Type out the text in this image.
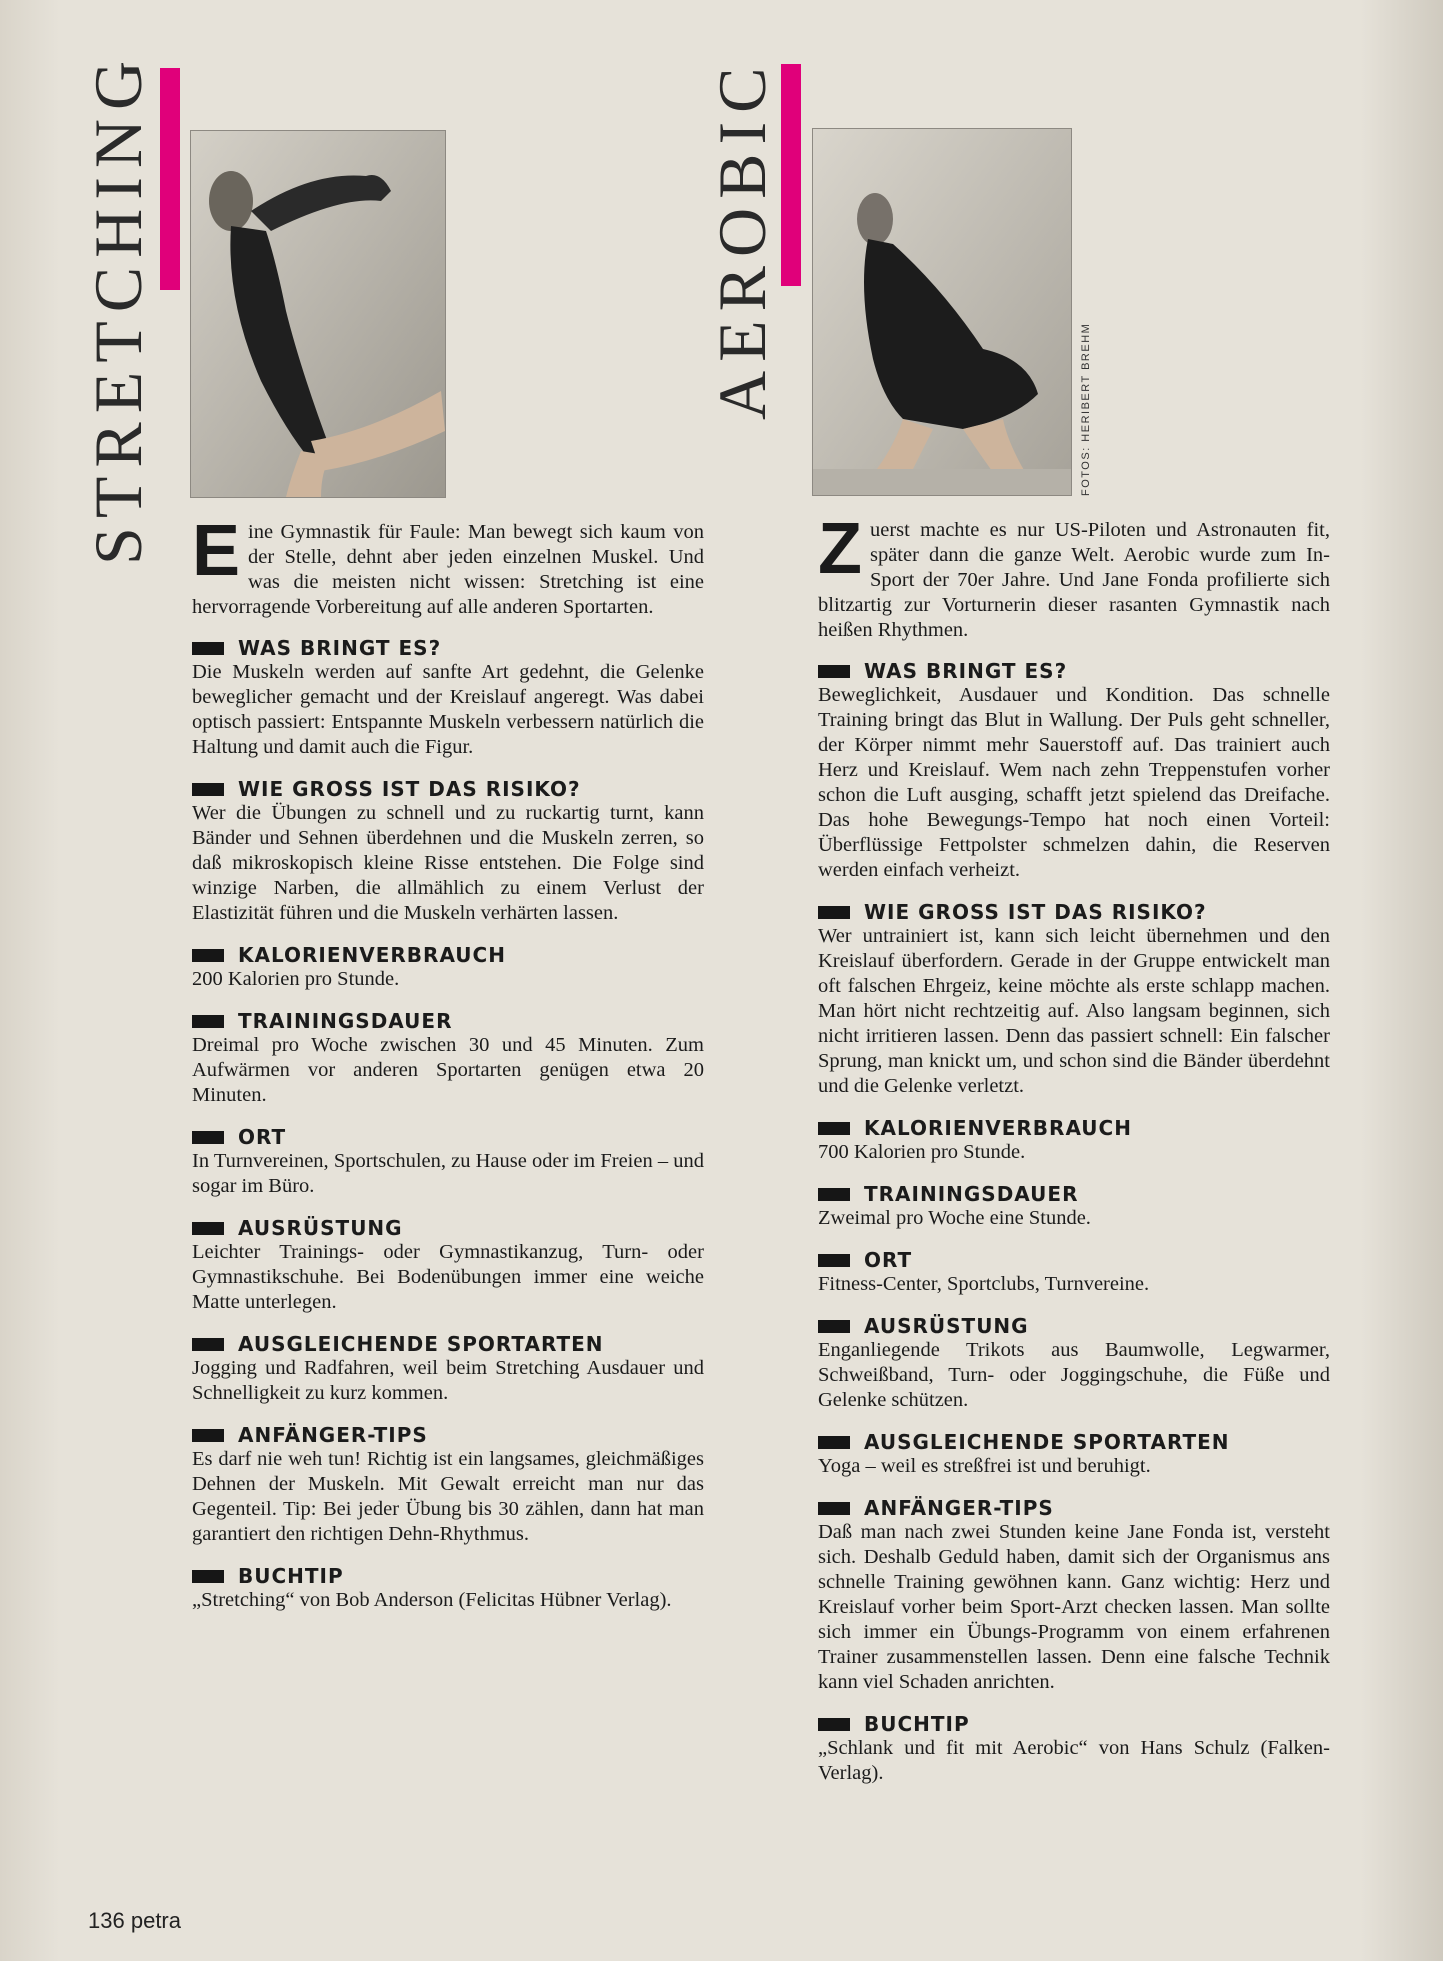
STRETCHING Eine Gymnastik für Faule: Man bewegt sich kaum von der Stelle, dehnt aber jeden einzelnen Muskel. Und was die meisten nicht wissen: Stretching ist eine hervorragende Vorbereitung auf alle anderen Sportarten.

WAS BRINGT ES?

Die Muskeln werden auf sanfte Art gedehnt, die Gelenke beweglicher gemacht und der Kreislauf angeregt. Was dabei optisch passiert: Entspannte Muskeln verbessern natürlich die Haltung und damit auch die Figur.

WIE GROSS IST DAS RISIKO?

Wer die Übungen zu schnell und zu ruckartig turnt, kann Bänder und Sehnen überdehnen und die Muskeln zerren, so daß mikroskopisch kleine Risse entstehen. Die Folge sind winzige Narben, die allmählich zu einem Verlust der Elastizität führen und die Muskeln verhärten lassen.

KALORIENVERBRAUCH

200 Kalorien pro Stunde.

TRAININGSDAUER

Dreimal pro Woche zwischen 30 und 45 Minuten. Zum Aufwärmen vor anderen Sportarten genügen etwa 20 Minuten.

ORT

In Turnvereinen, Sportschulen, zu Hause oder im Freien – und sogar im Büro.

AUSRÜSTUNG

Leichter Trainings- oder Gymnastikanzug, Turn- oder Gymnastikschuhe. Bei Bodenübungen immer eine weiche Matte unterlegen.

AUSGLEICHENDE SPORTARTEN

Jogging und Radfahren, weil beim Stretching Ausdauer und Schnelligkeit zu kurz kommen.

ANFÄNGER-TIPS

Es darf nie weh tun! Richtig ist ein langsames, gleichmäßiges Dehnen der Muskeln. Mit Gewalt erreicht man nur das Gegenteil. Tip: Bei jeder Übung bis 30 zählen, dann hat man garantiert den richtigen Dehn-Rhythmus.

BUCHTIP

„Stretching“ von Bob Anderson (Felicitas Hübner Verlag).

AEROBIC	FOTOS: HERIBERT BREHM

Zuerst machte es nur US-Piloten und Astronauten fit, später dann die ganze Welt. Aerobic wurde zum In-Sport der 70er Jahre. Und Jane Fonda profilierte sich blitzartig zur Vorturnerin dieser rasanten Gymnastik nach heißen Rhythmen.

WAS BRINGT ES?

Beweglichkeit, Ausdauer und Kondition. Das schnelle Training bringt das Blut in Wallung. Der Puls geht schneller, der Körper nimmt mehr Sauerstoff auf. Das trainiert auch Herz und Kreislauf. Wem nach zehn Treppenstufen vorher schon die Luft ausging, schafft jetzt spielend das Dreifache. Das hohe Bewegungs-Tempo hat noch einen Vorteil: Überflüssige Fettpolster schmelzen dahin, die Reserven werden einfach verheizt.

WIE GROSS IST DAS RISIKO?

Wer untrainiert ist, kann sich leicht übernehmen und den Kreislauf überfordern. Gerade in der Gruppe entwickelt man oft falschen Ehrgeiz, keine möchte als erste schlapp machen. Man hört nicht rechtzeitig auf. Also langsam beginnen, sich nicht irritieren lassen. Denn das passiert schnell: Ein falscher Sprung, man knickt um, und schon sind die Bänder überdehnt und die Gelenke verletzt.

KALORIENVERBRAUCH

700 Kalorien pro Stunde.

TRAININGSDAUER

Zweimal pro Woche eine Stunde.

ORT

Fitness-Center, Sportclubs, Turnvereine.

AUSRÜSTUNG

Enganliegende Trikots aus Baumwolle, Legwarmer, Schweißband, Turn- oder Joggingschuhe, die Füße und Gelenke schützen.

AUSGLEICHENDE SPORTARTEN

Yoga – weil es streßfrei ist und beruhigt.

ANFÄNGER-TIPS

Daß man nach zwei Stunden keine Jane Fonda ist, versteht sich. Deshalb Geduld haben, damit sich der Organismus ans schnelle Training gewöhnen kann. Ganz wichtig: Herz und Kreislauf vorher beim Sport-Arzt checken lassen. Man sollte sich immer ein Übungs-Programm von einem erfahrenen Trainer zusammenstellen lassen. Denn eine falsche Technik kann viel Schaden anrichten.

BUCHTIP

„Schlank und fit mit Aerobic“ von Hans Schulz (Falken-Verlag).

136 petra
